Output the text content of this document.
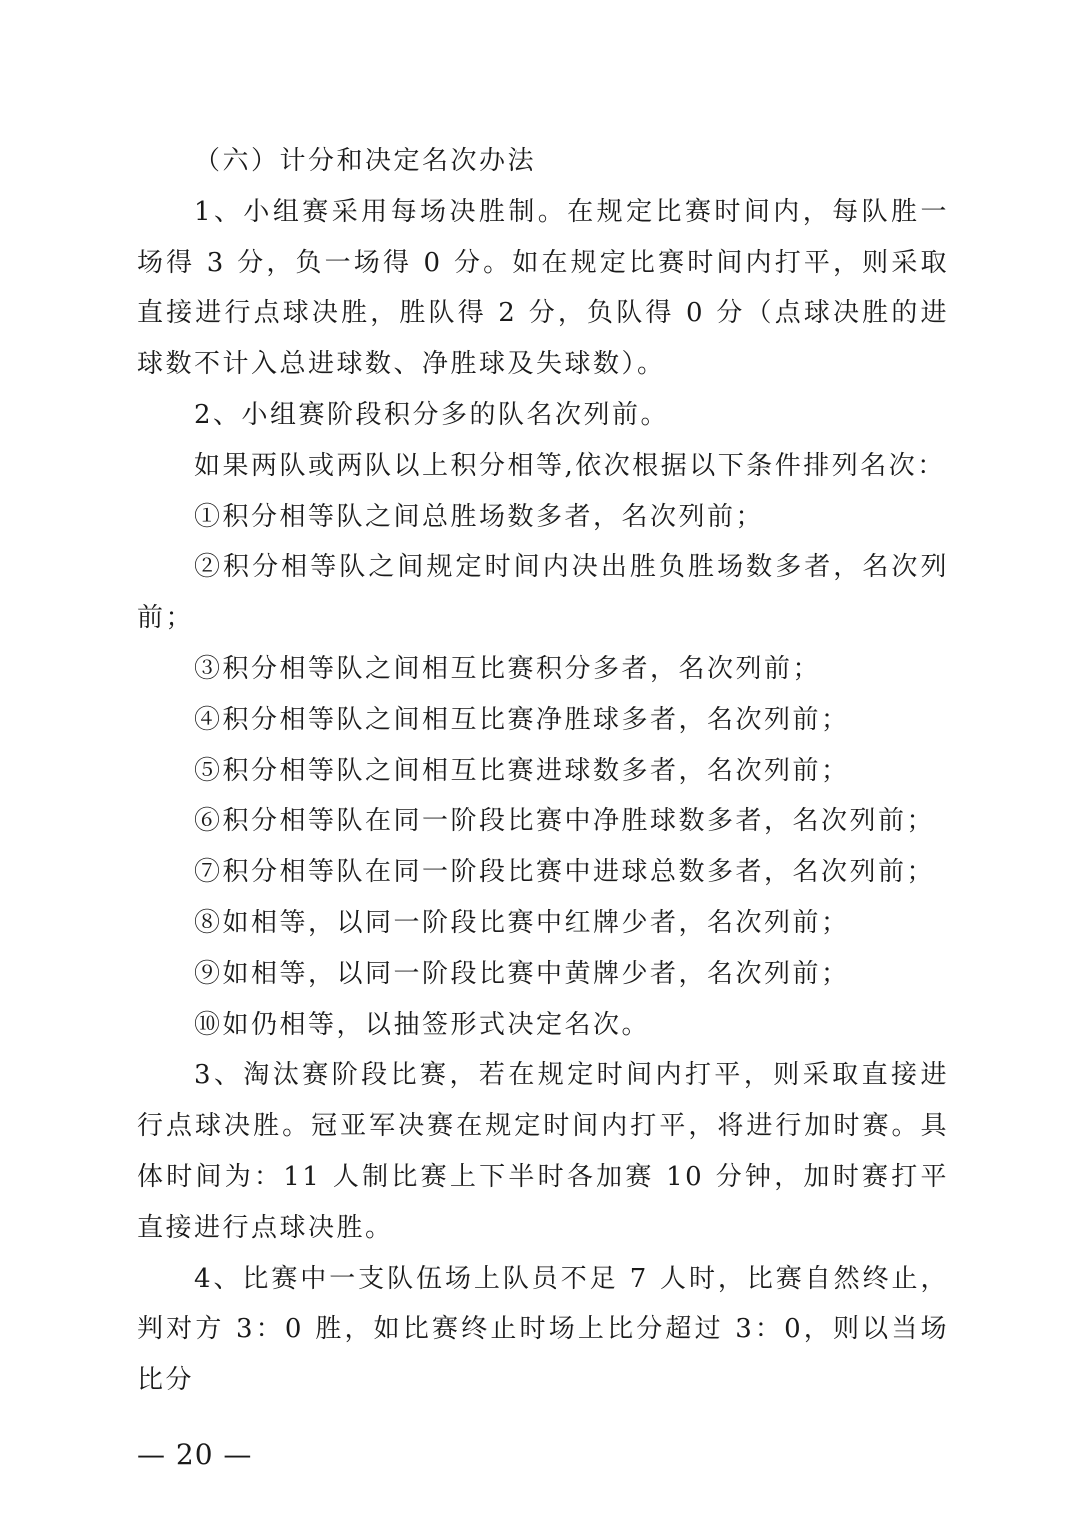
（六）计分和决定名次办法

1、小组赛采用每场决胜制。在规定比赛时间内，每队胜一场得 3 分，负一场得 0 分。如在规定比赛时间内打平，则采取直接进行点球决胜，胜队得 2 分，负队得 0 分（点球决胜的进球数不计入总进球数、净胜球及失球数）。

2、小组赛阶段积分多的队名次列前。

如果两队或两队以上积分相等,依次根据以下条件排列名次：

①积分相等队之间总胜场数多者，名次列前；

②积分相等队之间规定时间内决出胜负胜场数多者，名次列前；

③积分相等队之间相互比赛积分多者，名次列前；

④积分相等队之间相互比赛净胜球多者，名次列前；

⑤积分相等队之间相互比赛进球数多者，名次列前；

⑥积分相等队在同一阶段比赛中净胜球数多者，名次列前；

⑦积分相等队在同一阶段比赛中进球总数多者，名次列前；

⑧如相等，以同一阶段比赛中红牌少者，名次列前；

⑨如相等，以同一阶段比赛中黄牌少者，名次列前；

⑩如仍相等，以抽签形式决定名次。

3、淘汰赛阶段比赛，若在规定时间内打平，则采取直接进行点球决胜。冠亚军决赛在规定时间内打平，将进行加时赛。具体时间为：11 人制比赛上下半时各加赛 10 分钟，加时赛打平直接进行点球决胜。

4、比赛中一支队伍场上队员不足 7 人时，比赛自然终止，判对方 3：0 胜，如比赛终止时场上比分超过 3：0，则以当场比分

— 20 —
